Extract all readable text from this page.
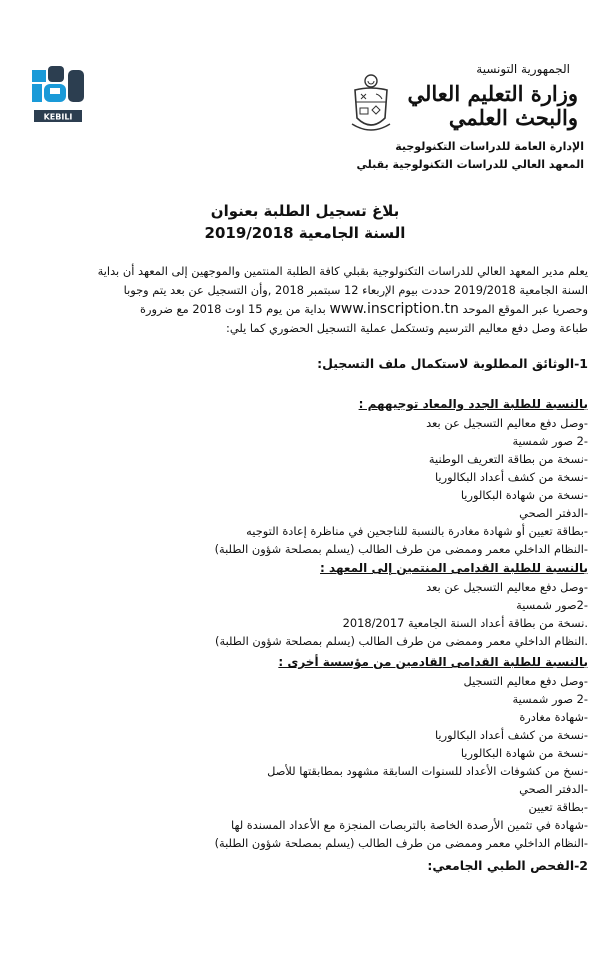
KEBILI
الجمهورية التونسية
وزارة التعليم العالي
والبحث العلمي
الإدارة العامة للدراسات التكنولوجية
المعهد العالي للدراسات التكنولوجية بقبلي
بلاغ تسجيل الطلبة بعنوان
السنة الجامعية 2019/2018
يعلم مدير المعهد العالي للدراسات التكنولوجية بقبلي كافة الطلبة المنتمين والموجهين إلى المعهد أن بداية
السنة الجامعية 2019/2018 حددت بيوم الإربعاء 12 سبتمبر 2018 ,وأن التسجيل عن بعد يتم وجوبا
وحصريا عبر الموقع الموحد www.inscription.tn بداية من يوم 15 اوت 2018 مع ضرورة
طباعة وصل دفع معاليم الترسيم وتستكمل عملية التسجيل الحضوري كما يلي:
1-الوثائق المطلوبة لاستكمال ملف التسجيل:
بالنسبة للطلبة الجدد والمعاد توجيههم :
-وصل دفع معاليم التسجيل عن بعد
-2 صور شمسية
-نسخة من بطاقة التعريف الوطنية
-نسخة من كشف أعداد البكالوريا
-نسخة من شهادة البكالوريا
-الدفتر الصحي
-بطاقة تعيين أو شهادة مغادرة بالنسبة للناجحين في مناظرة إعادة التوجيه
-النظام الداخلي معمر وممضى من طرف الطالب (يسلم بمصلحة شؤون الطلبة)
بالنسبة للطلبة القدامى المنتمين إلى المعهد :
-وصل دفع معاليم التسجيل عن بعد
-2صور شمسية
.نسخة من بطاقة أعداد السنة الجامعية 2018/2017
.النظام الداخلي معمر وممضى من طرف الطالب (يسلم بمصلحة شؤون الطلبة)
بالنسبة للطلبة القدامى القادمين من مؤسسة أخرى :
-وصل دفع معاليم التسجيل
-2 صور شمسية
-شهادة مغادرة
-نسخة من كشف أعداد البكالوريا
-نسخة من شهادة البكالوريا
-نسخ من كشوفات الأعداد للسنوات السابقة مشهود بمطابقتها للأصل
-الدفتر الصحي
-بطاقة تعيين
-شهادة في تثمين الأرصدة الخاصة بالتربصات المنجزة مع الأعداد المسندة لها
-النظام الداخلي معمر وممضى من طرف الطالب (يسلم بمصلحة شؤون الطلبة)
2-الفحص الطبي الجامعي:
